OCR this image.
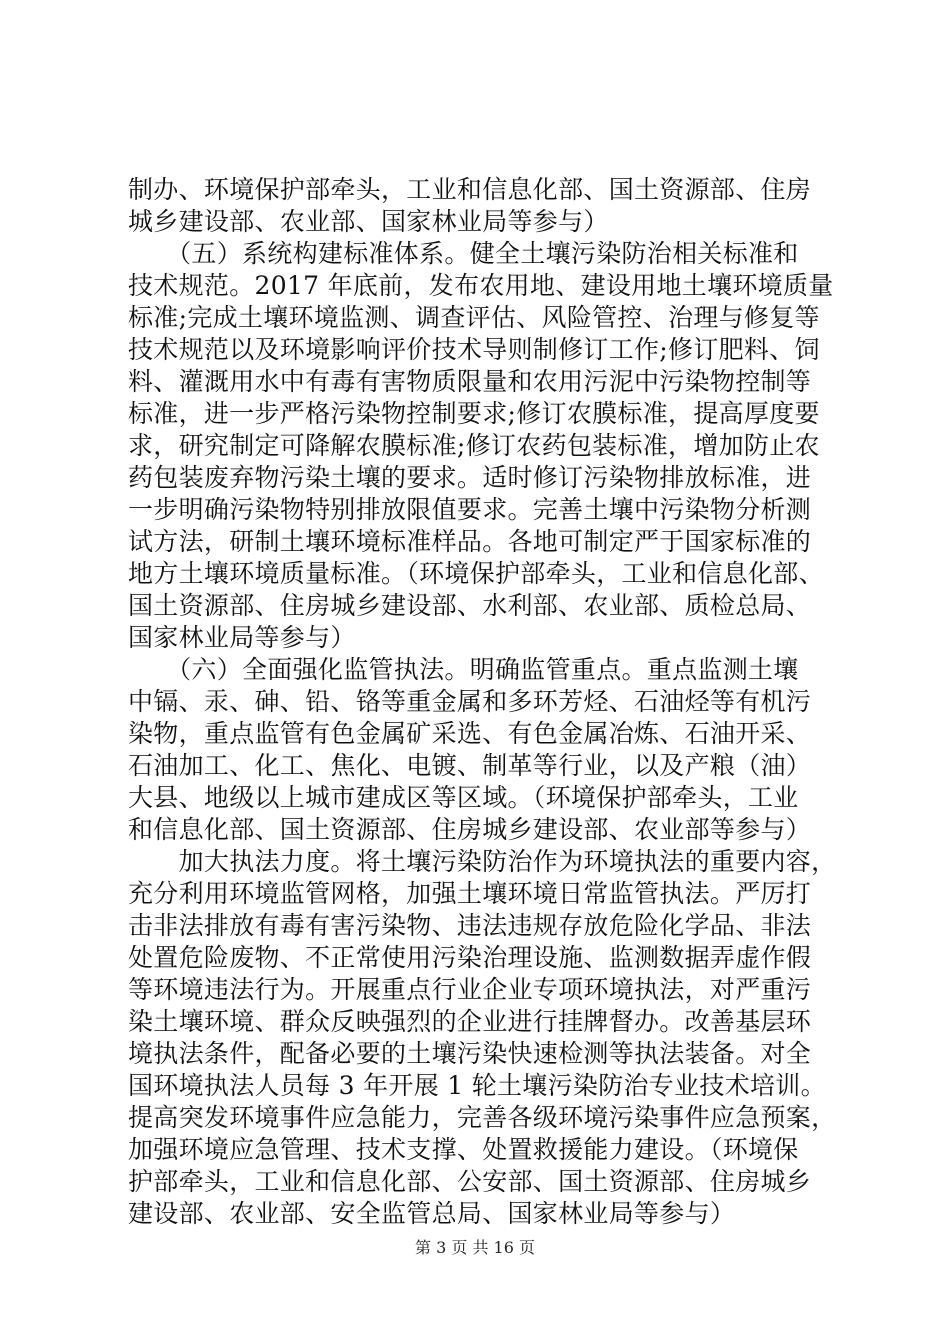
制办、环境保护部牵头，工业和信息化部、国土资源部、住房
城乡建设部、农业部、国家林业局等参与）
　　（五）系统构建标准体系。健全土壤污染防治相关标准和
技术规范。2017 年底前，发布农用地、建设用地土壤环境质量
标准;完成土壤环境监测、调查评估、风险管控、治理与修复等
技术规范以及环境影响评价技术导则制修订工作;修订肥料、饲
料、灌溉用水中有毒有害物质限量和农用污泥中污染物控制等
标准，进一步严格污染物控制要求;修订农膜标准，提高厚度要
求，研究制定可降解农膜标准;修订农药包装标准，增加防止农
药包装废弃物污染土壤的要求。适时修订污染物排放标准，进
一步明确污染物特别排放限值要求。完善土壤中污染物分析测
试方法，研制土壤环境标准样品。各地可制定严于国家标准的
地方土壤环境质量标准。（环境保护部牵头，工业和信息化部、
国土资源部、住房城乡建设部、水利部、农业部、质检总局、
国家林业局等参与）
　　（六）全面强化监管执法。明确监管重点。重点监测土壤
中镉、汞、砷、铅、铬等重金属和多环芳烃、石油烃等有机污
染物，重点监管有色金属矿采选、有色金属冶炼、石油开采、
石油加工、化工、焦化、电镀、制革等行业，以及产粮（油）
大县、地级以上城市建成区等区域。（环境保护部牵头，工业
和信息化部、国土资源部、住房城乡建设部、农业部等参与）
　　加大执法力度。将土壤污染防治作为环境执法的重要内容，
充分利用环境监管网格，加强土壤环境日常监管执法。严厉打
击非法排放有毒有害污染物、违法违规存放危险化学品、非法
处置危险废物、不正常使用污染治理设施、监测数据弄虚作假
等环境违法行为。开展重点行业企业专项环境执法，对严重污
染土壤环境、群众反映强烈的企业进行挂牌督办。改善基层环
境执法条件，配备必要的土壤污染快速检测等执法装备。对全
国环境执法人员每 3 年开展 1 轮土壤污染防治专业技术培训。
提高突发环境事件应急能力，完善各级环境污染事件应急预案，
加强环境应急管理、技术支撑、处置救援能力建设。（环境保
护部牵头，工业和信息化部、公安部、国土资源部、住房城乡
建设部、农业部、安全监管总局、国家林业局等参与）
第 3 页 共 16 页
